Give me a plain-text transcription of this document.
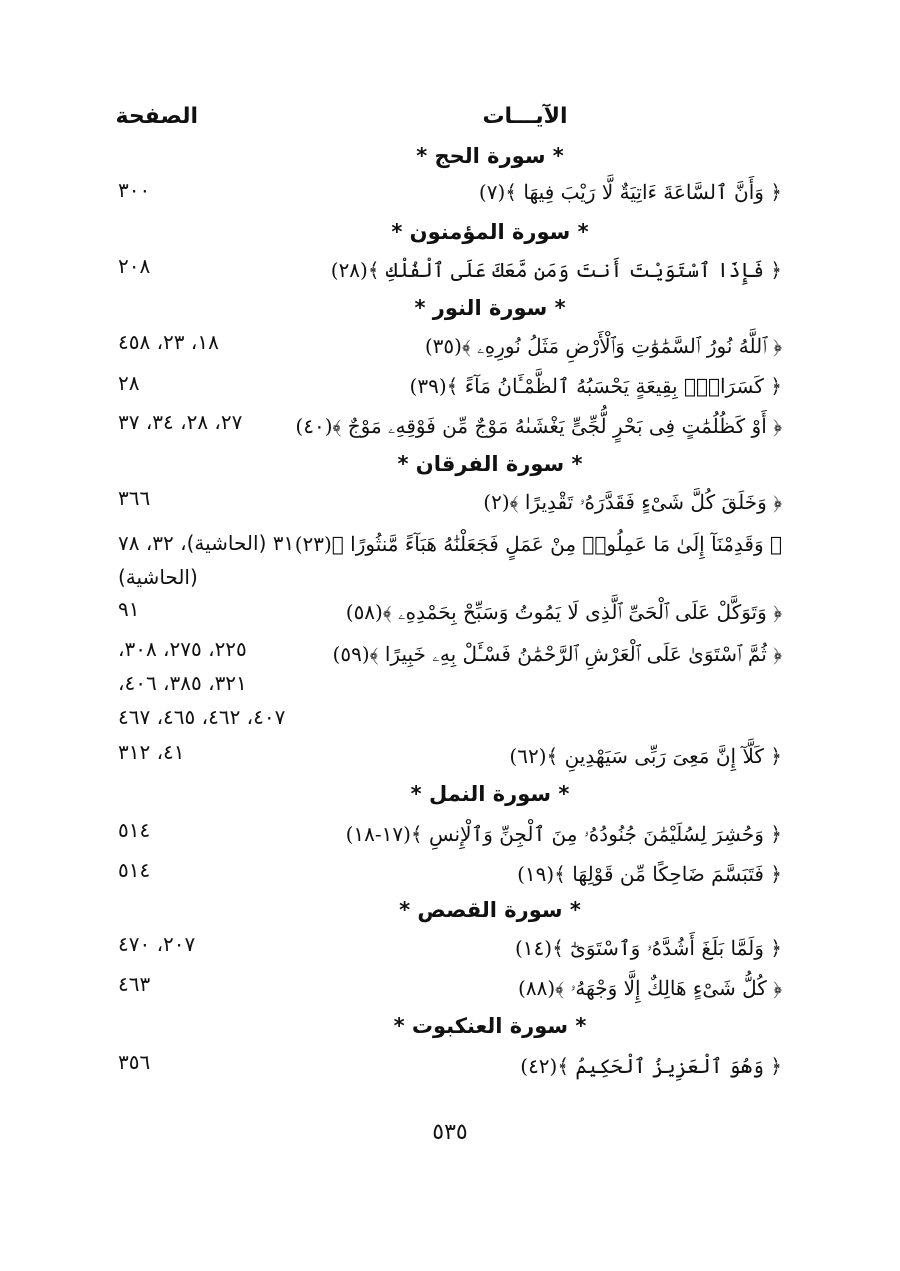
الآيـــات
الصفحة
* سورة الحج *
﴿ وَأَنَّ ٱلسَّاعَةَ ءَاتِيَةٌ لَّا رَيْبَ فِيهَا ﴾(٧)
٣٠٠
* سورة المؤمنون *
﴿ فَإِذَا ٱسْتَوَيْتَ أَنتَ وَمَن مَّعَكَ عَلَى ٱلْفُلْكِ ﴾(٢٨)
٢٠٨
* سورة النور *
﴿ ٱللَّهُ نُورُ ٱلسَّمَٰوَٰتِ وَٱلْأَرْضِ مَثَلُ نُورِهِۦ ﴾(٣٥)
١٨، ٢٣، ٤٥٨
﴿ كَسَرَابٍۭ بِقِيعَةٍ يَحْسَبُهُ ٱلظَّمْـَٔانُ مَآءً ﴾(٣٩)
٢٨
﴿ أَوْ كَظُلُمَٰتٍ فِى بَحْرٍ لُّجِّىٍّ يَغْشَىٰهُ مَوْجٌ مِّن فَوْقِهِۦ مَوْجٌ ﴾(٤٠)
٢٧، ٢٨، ٣٤، ٣٧
* سورة الفرقان *
﴿ وَخَلَقَ كُلَّ شَىْءٍ فَقَدَّرَهُۥ تَقْدِيرًا ﴾(٢)
٣٦٦
﴿ وَقَدِمْنَآ إِلَىٰ مَا عَمِلُوا۟ مِنْ عَمَلٍ فَجَعَلْنَٰهُ هَبَآءً مَّنثُورًا ﴾(٢٣)
٣١ (الحاشية)، ٣٢، ٧٨
(الحاشية)
﴿ وَتَوَكَّلْ عَلَى ٱلْحَىِّ ٱلَّذِى لَا يَمُوتُ وَسَبِّحْ بِحَمْدِهِۦ ﴾(٥٨)
٩١
﴿ ثُمَّ ٱسْتَوَىٰ عَلَى ٱلْعَرْشِ ٱلرَّحْمَٰنُ فَسْـَٔلْ بِهِۦ خَبِيرًا ﴾(٥٩)
٢٢٥، ٢٧٥، ٣٠٨،
٣٢١، ٣٨٥، ٤٠٦،
٤٠٧، ٤٦٢، ٤٦٥، ٤٦٧
﴿ كَلَّآ إِنَّ مَعِىَ رَبِّى سَيَهْدِينِ ﴾(٦٢)
٤١، ٣١٢
* سورة النمل *
﴿ وَحُشِرَ لِسُلَيْمَٰنَ جُنُودُهُۥ مِنَ ٱلْجِنِّ وَٱلْإِنسِ ﴾(١٧-١٨)
٥١٤
﴿ فَتَبَسَّمَ ضَاحِكًا مِّن قَوْلِهَا ﴾(١٩)
٥١٤
* سورة القصص *
﴿ وَلَمَّا بَلَغَ أَشُدَّهُۥ وَٱسْتَوَىٰٓ ﴾(١٤)
٢٠٧، ٤٧٠
﴿ كُلُّ شَىْءٍ هَالِكٌ إِلَّا وَجْهَهُۥ ﴾(٨٨)
٤٦٣
* سورة العنكبوت *
﴿ وَهُوَ ٱلْعَزِيزُ ٱلْحَكِيمُ ﴾(٤٢)
٣٥٦
٥٣٥
